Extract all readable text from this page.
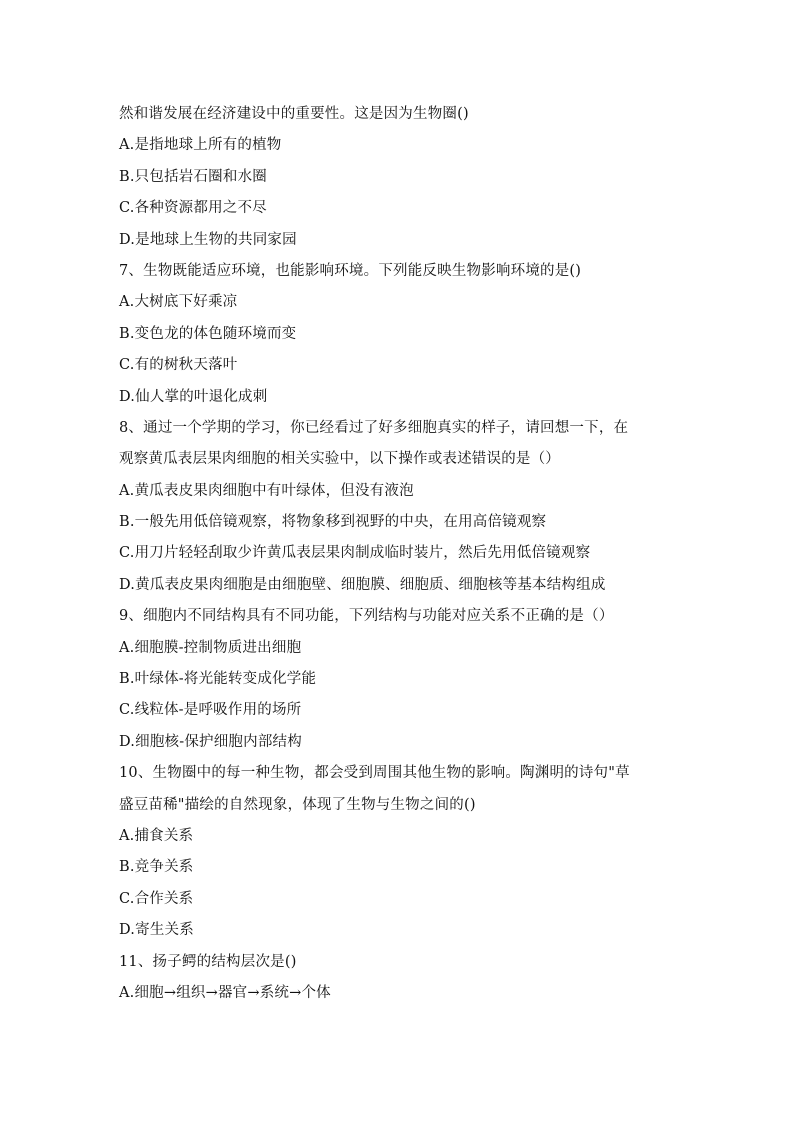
然和谐发展在经济建设中的重要性。这是因为生物圈()
A.是指地球上所有的植物
B.只包括岩石圈和水圈
C.各种资源都用之不尽
D.是地球上生物的共同家园
7、生物既能适应环境，也能影响环境。下列能反映生物影响环境的是()
A.大树底下好乘凉
B.变色龙的体色随环境而变
C.有的树秋天落叶
D.仙人掌的叶退化成刺
8、通过一个学期的学习，你已经看过了好多细胞真实的样子，请回想一下，在
观察黄瓜表层果肉细胞的相关实验中，以下操作或表述错误的是（）
A.黄瓜表皮果肉细胞中有叶绿体，但没有液泡
B.一般先用低倍镜观察，将物象移到视野的中央，在用高倍镜观察
C.用刀片轻轻刮取少许黄瓜表层果肉制成临时装片，然后先用低倍镜观察
D.黄瓜表皮果肉细胞是由细胞壁、细胞膜、细胞质、细胞核等基本结构组成
9、细胞内不同结构具有不同功能，下列结构与功能对应关系不正确的是（）
A.细胞膜-控制物质进出细胞
B.叶绿体-将光能转变成化学能
C.线粒体-是呼吸作用的场所
D.细胞核-保护细胞内部结构
10、生物圈中的每一种生物，都会受到周围其他生物的影响。陶渊明的诗句"草
盛豆苗稀"描绘的自然现象，体现了生物与生物之间的()
A.捕食关系
B.竞争关系
C.合作关系
D.寄生关系
11、扬子鳄的结构层次是()
A.细胞→组织→器官→系统→个体
